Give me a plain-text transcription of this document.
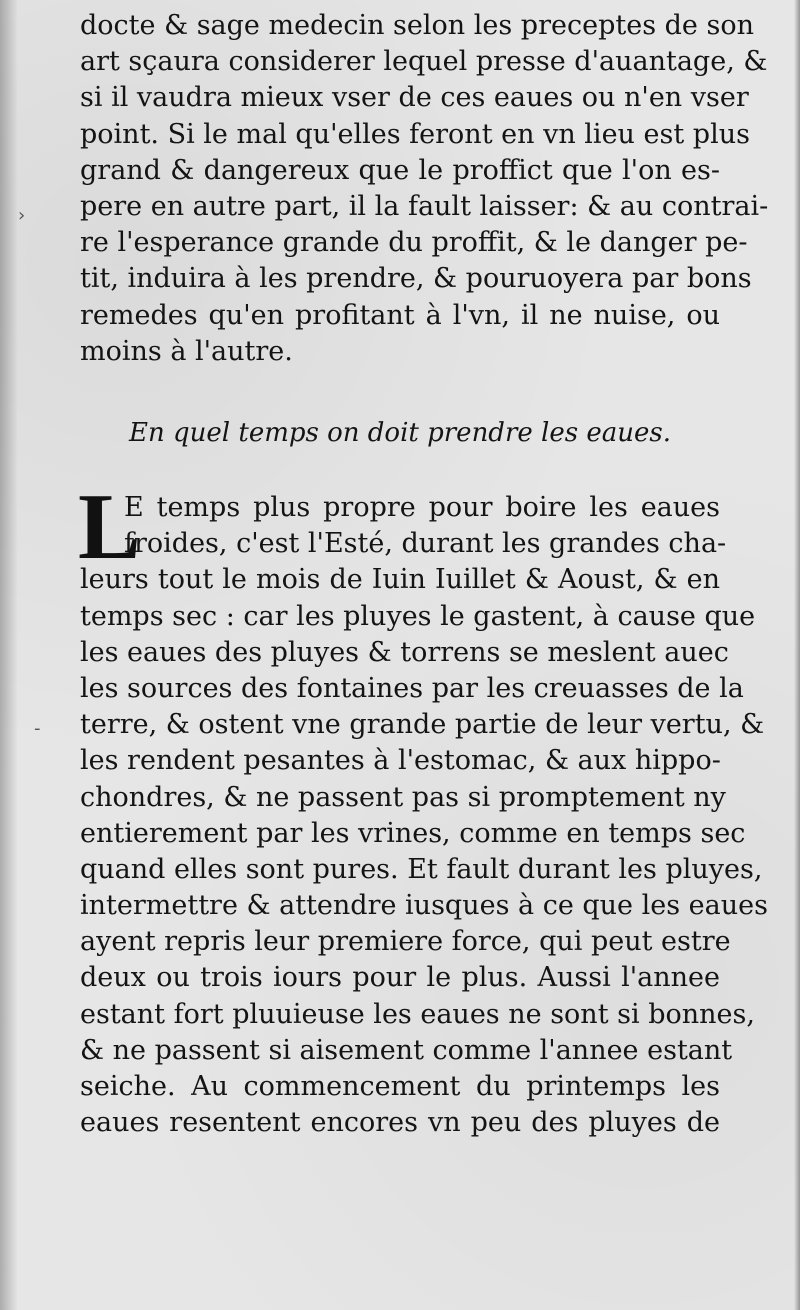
›
-
docte & sage medecin selon les preceptes de son
art sçaura considerer lequel presse d'auantage, &
si il vaudra mieux vser de ces eaues ou n'en vser
point. Si le mal qu'elles feront en vn lieu est plus
grand & dangereux que le proffict que l'on es-
pere en autre part, il la fault laisser: & au contrai-
re l'esperance grande du proffit, & le danger pe-
tit, induira à les prendre, & pouruoyera par bons
remedes qu'en profitant à l'vn, il ne nuise, ou
moins à l'autre.
En quel temps on doit prendre les eaues.
L
E temps plus propre pour boire les eaues
froides, c'est l'Esté, durant les grandes cha-
leurs tout le mois de Iuin Iuillet & Aoust, & en
temps sec : car les pluyes le gastent, à cause que
les eaues des pluyes & torrens se meslent auec
les sources des fontaines par les creuasses de la
terre, & ostent vne grande partie de leur vertu, &
les rendent pesantes à l'estomac, & aux hippo-
chondres, & ne passent pas si promptement ny
entierement par les vrines, comme en temps sec
quand elles sont pures. Et fault durant les pluyes,
intermettre & attendre iusques à ce que les eaues
ayent repris leur premiere force, qui peut estre
deux ou trois iours pour le plus. Aussi l'annee
estant fort pluuieuse les eaues ne sont si bonnes,
& ne passent si aisement comme l'annee estant
seiche. Au commencement du printemps les
eaues resentent encores vn peu des pluyes de
